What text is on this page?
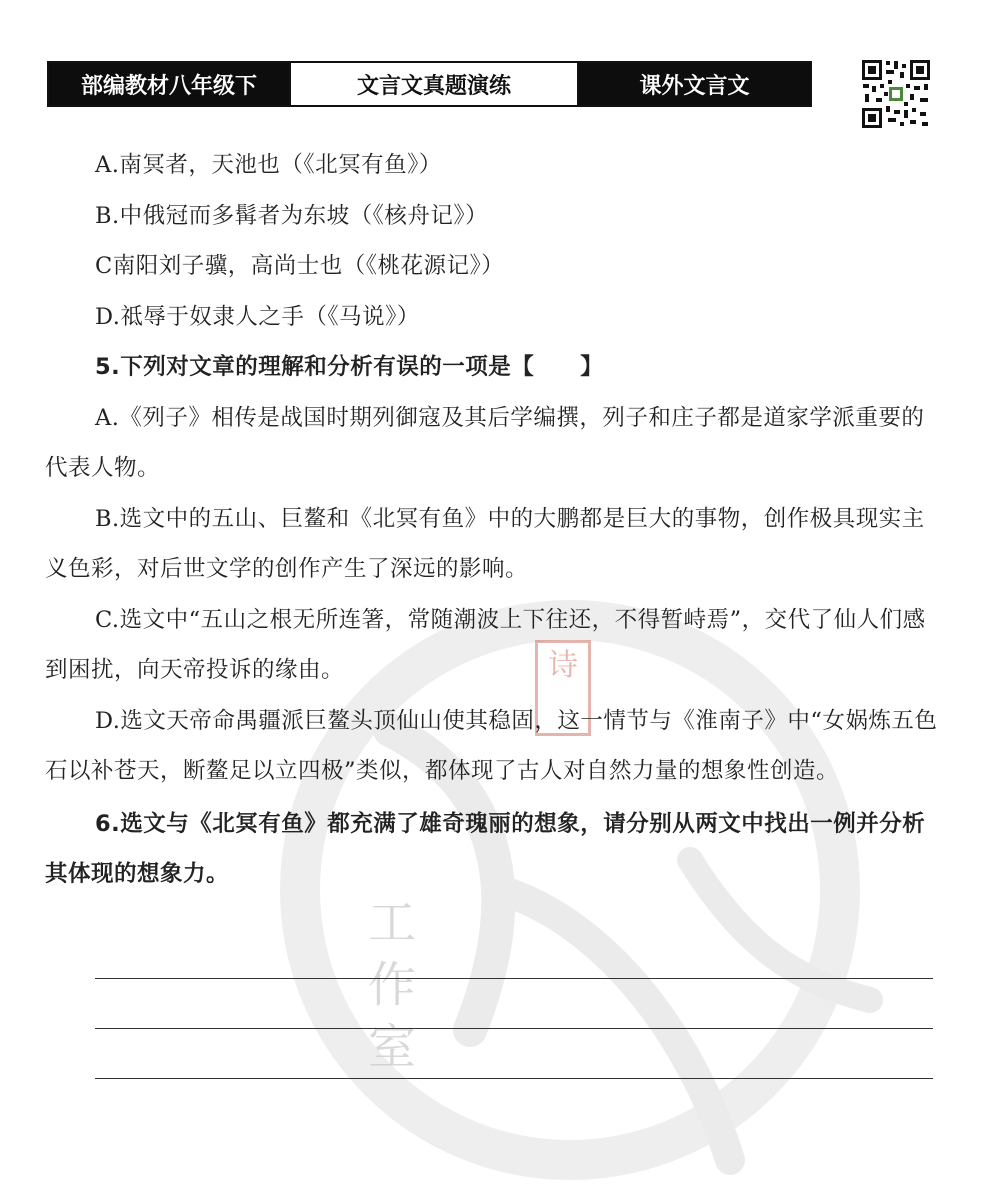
诗
工作室
部编教材八年级下	文言文真题演练	课外文言文

A.南冥者，天池也（《北冥有鱼》）

B.中俄冠而多髯者为东坡（《核舟记》）

C南阳刘子骥，高尚士也（《桃花源记》）

D.祗辱于奴隶人之手（《马说》）

5.下列对文章的理解和分析有误的一项是【　　】

A.《列子》相传是战国时期列御寇及其后学编撰，列子和庄子都是道家学派重要的代表人物。

B.选文中的五山、巨鳌和《北冥有鱼》中的大鹏都是巨大的事物，创作极具现实主义色彩，对后世文学的创作产生了深远的影响。

C.选文中“五山之根无所连箸，常随潮波上下往还，不得暂峙焉”，交代了仙人们感到困扰，向天帝投诉的缘由。

D.选文天帝命禺疆派巨鳌头顶仙山使其稳固，这一情节与《淮南子》中“女娲炼五色石以补苍天，断鳌足以立四极”类似，都体现了古人对自然力量的想象性创造。

6.选文与《北冥有鱼》都充满了雄奇瑰丽的想象，请分别从两文中找出一例并分析其体现的想象力。
